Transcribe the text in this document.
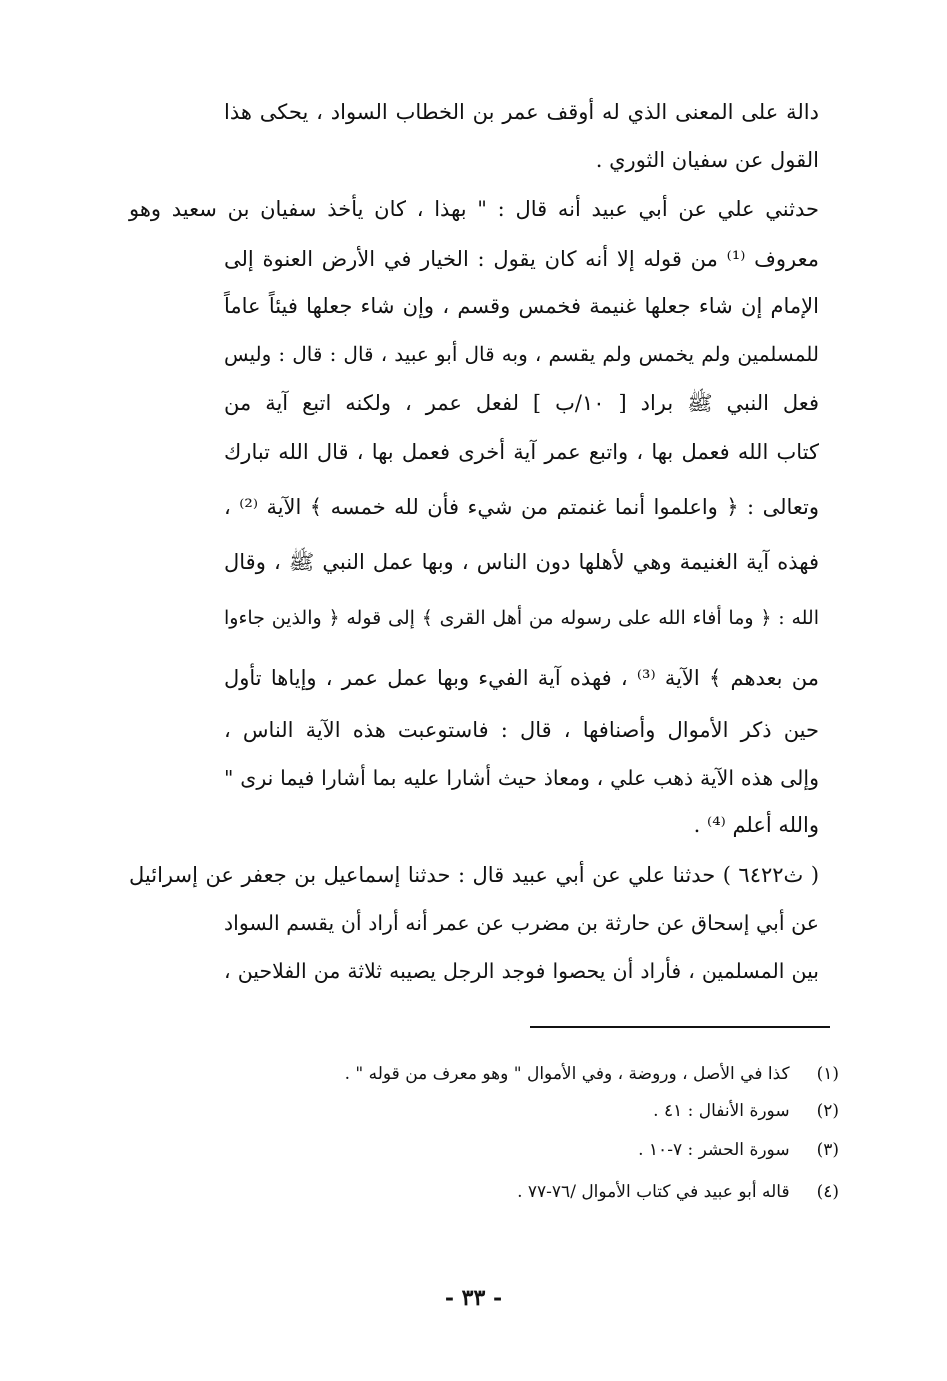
دالة على المعنى الذي له أوقف عمر بن الخطاب السواد ، يحكى هذا
القول عن سفيان الثوري .
حدثني علي عن أبي عبيد أنه قال : " بهذا ، كان يأخذ سفيان بن سعيد وهو
معروف ⁽¹⁾ من قوله إلا أنه كان يقول : الخيار في الأرض العنوة إلى
الإمام إن شاء جعلها غنيمة فخمس وقسم ، وإن شاء جعلها فيئاً عاماً
للمسلمين ولم يخمس ولم يقسم ، وبه قال أبو عبيد ، قال : قال : وليس
فعل النبي ﷺ براد [ ١٠/ب ] لفعل عمر ، ولكنه اتبع آية من
كتاب الله فعمل بها ، واتبع عمر آية أخرى فعمل بها ، قال الله تبارك
وتعالى : ﴿ واعلموا أنما غنمتم من شيء فأن لله خمسه ﴾ الآية ⁽²⁾ ،
فهذه آية الغنيمة وهي لأهلها دون الناس ، وبها عمل النبي ﷺ ، وقال
الله : ﴿ وما أفاء الله على رسوله من أهل القرى ﴾ إلى قوله ﴿ والذين جاءوا
من بعدهم ﴾ الآية ⁽³⁾ ، فهذه آية الفيء وبها عمل عمر ، وإياها تأول
حين ذكر الأموال وأصنافها ، قال : فاستوعبت هذه الآية الناس ،
وإلى هذه الآية ذهب علي ، ومعاذ حيث أشارا عليه بما أشارا فيما نرى "
والله أعلم ⁽⁴⁾ .
( ث٦٤٢٢ ) حدثنا علي عن أبي عبيد قال : حدثنا إسماعيل بن جعفر عن إسرائيل
عن أبي إسحاق عن حارثة بن مضرب عن عمر أنه أراد أن يقسم السواد
بين المسلمين ، فأراد أن يحصوا فوجد الرجل يصيبه ثلاثة من الفلاحين ،
(١) كذا في الأصل ، وروضة ، وفي الأموال " وهو معرف من قوله " .
(٢) سورة الأنفال : ٤١ .
(٣) سورة الحشر : ٧-١٠ .
(٤) قاله أبو عبيد في كتاب الأموال /٧٦-٧٧ .
- ٣٣ -
